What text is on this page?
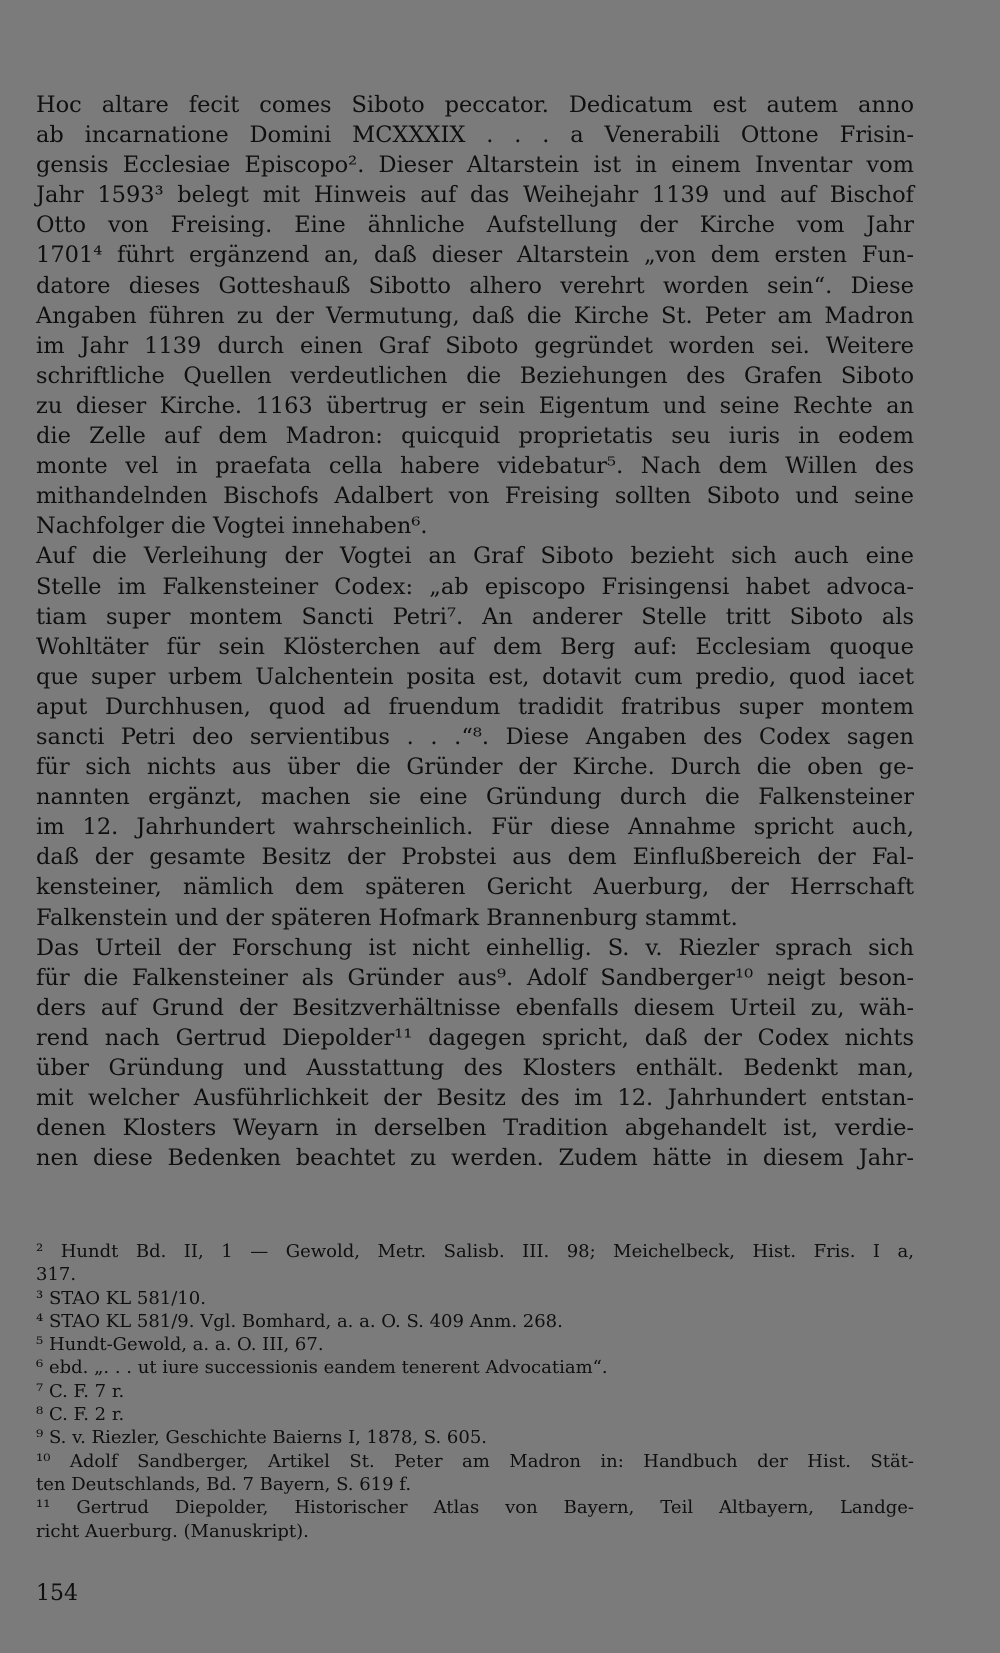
Hoc altare fecit comes Siboto peccator. Dedicatum est autem anno
ab incarnatione Domini MCXXXIX . . . a Venerabili Ottone Frisin-
gensis Ecclesiae Episcopo². Dieser Altarstein ist in einem Inventar vom
Jahr 1593³ belegt mit Hinweis auf das Weihejahr 1139 und auf Bischof
Otto von Freising. Eine ähnliche Aufstellung der Kirche vom Jahr
1701⁴ führt ergänzend an, daß dieser Altarstein „von dem ersten Fun-
datore dieses Gotteshauß Sibotto alhero verehrt worden sein“. Diese
Angaben führen zu der Vermutung, daß die Kirche St. Peter am Madron
im Jahr 1139 durch einen Graf Siboto gegründet worden sei. Weitere
schriftliche Quellen verdeutlichen die Beziehungen des Grafen Siboto
zu dieser Kirche. 1163 übertrug er sein Eigentum und seine Rechte an
die Zelle auf dem Madron: quicquid proprietatis seu iuris in eodem
monte vel in praefata cella habere videbatur⁵. Nach dem Willen des
mithandelnden Bischofs Adalbert von Freising sollten Siboto und seine
Nachfolger die Vogtei innehaben⁶.
Auf die Verleihung der Vogtei an Graf Siboto bezieht sich auch eine
Stelle im Falkensteiner Codex: „ab episcopo Frisingensi habet advoca-
tiam super montem Sancti Petri⁷. An anderer Stelle tritt Siboto als
Wohltäter für sein Klösterchen auf dem Berg auf: Ecclesiam quoque
que super urbem Ualchentein posita est, dotavit cum predio, quod iacet
aput Durchhusen, quod ad fruendum tradidit fratribus super montem
sancti Petri deo servientibus . . .“⁸. Diese Angaben des Codex sagen
für sich nichts aus über die Gründer der Kirche. Durch die oben ge-
nannten ergänzt, machen sie eine Gründung durch die Falkensteiner
im 12. Jahrhundert wahrscheinlich. Für diese Annahme spricht auch,
daß der gesamte Besitz der Probstei aus dem Einflußbereich der Fal-
kensteiner, nämlich dem späteren Gericht Auerburg, der Herrschaft
Falkenstein und der späteren Hofmark Brannenburg stammt.
Das Urteil der Forschung ist nicht einhellig. S. v. Riezler sprach sich
für die Falkensteiner als Gründer aus⁹. Adolf Sandberger¹⁰ neigt beson-
ders auf Grund der Besitzverhältnisse ebenfalls diesem Urteil zu, wäh-
rend nach Gertrud Diepolder¹¹ dagegen spricht, daß der Codex nichts
über Gründung und Ausstattung des Klosters enthält. Bedenkt man,
mit welcher Ausführlichkeit der Besitz des im 12. Jahrhundert entstan-
denen Klosters Weyarn in derselben Tradition abgehandelt ist, verdie-
nen diese Bedenken beachtet zu werden. Zudem hätte in diesem Jahr-
² Hundt Bd. II, 1 — Gewold, Metr. Salisb. III. 98; Meichelbeck, Hist. Fris. I a,
317.
³ STAO KL 581/10.
⁴ STAO KL 581/9. Vgl. Bomhard, a. a. O. S. 409 Anm. 268.
⁵ Hundt-Gewold, a. a. O. III, 67.
⁶ ebd. „. . . ut iure successionis eandem tenerent Advocatiam“.
⁷ C. F. 7 r.
⁸ C. F. 2 r.
⁹ S. v. Riezler, Geschichte Baierns I, 1878, S. 605.
¹⁰ Adolf Sandberger, Artikel St. Peter am Madron in: Handbuch der Hist. Stät-
ten Deutschlands, Bd. 7 Bayern, S. 619 f.
¹¹ Gertrud Diepolder, Historischer Atlas von Bayern, Teil Altbayern, Landge-
richt Auerburg. (Manuskript).
154
